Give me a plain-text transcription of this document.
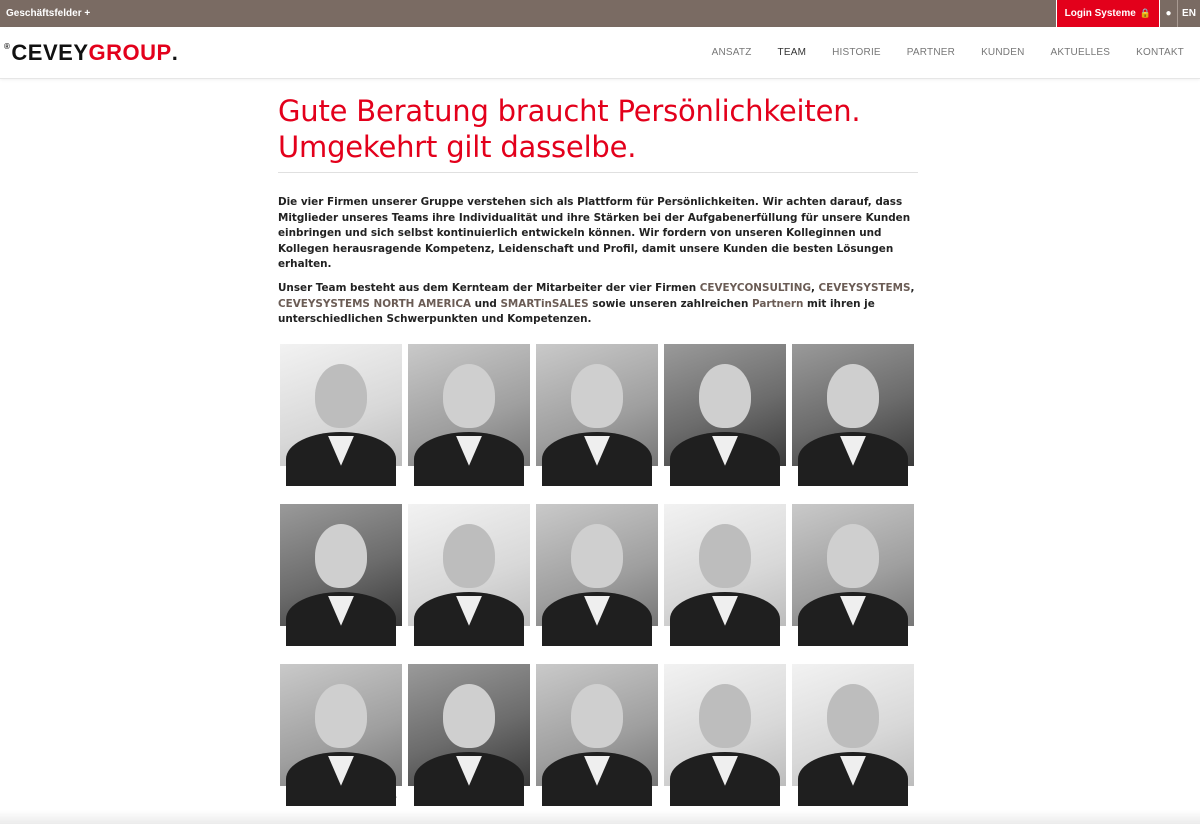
Geschäftsfelder +	Login Systeme 🔒	●	EN
® CEVEY GROUP .	ANSATZ	TEAM	HISTORIE	PARTNER	KUNDEN	AKTUELLES	KONTAKT
Gute Beratung braucht Persönlichkeiten.
Umgekehrt gilt dasselbe.

Die vier Firmen unserer Gruppe verstehen sich als Plattform für Persönlichkeiten. Wir achten darauf, dass Mitglieder unseres Teams ihre Individualität und ihre Stärken bei der Aufgabenerfüllung für unsere Kunden einbringen und sich selbst kontinuierlich entwickeln können. Wir fordern von unseren Kolleginnen und Kollegen herausragende Kompetenz, Leidenschaft und Profil, damit unsere Kunden die besten Lösungen erhalten.

Unser Team besteht aus dem Kernteam der Mitarbeiter der vier Firmen CEVEYCONSULTING, CEVEYSYSTEMS, CEVEYSYSTEMS NORTH AMERICA und SMARTinSALES sowie unseren zahlreichen Partnern mit ihren je unterschiedlichen Schwerpunkten und Kompetenzen.
